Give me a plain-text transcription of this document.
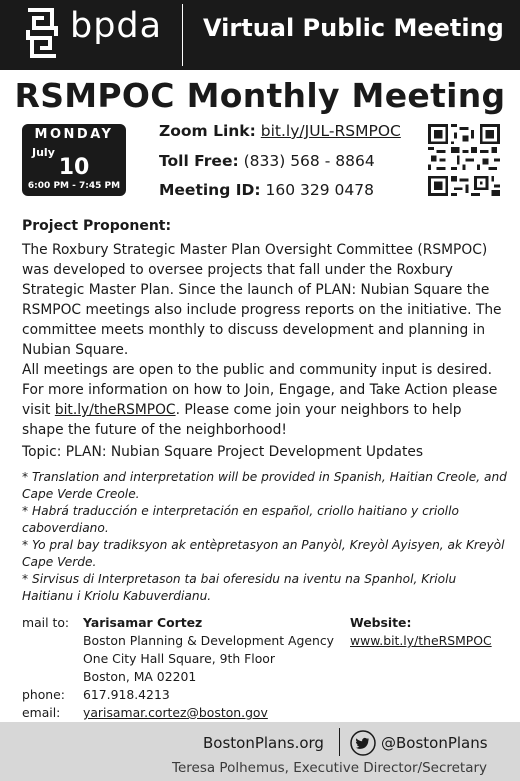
bpda Virtual Public Meeting
RSMPOC Monthly Meeting
MONDAY
July
10
6:00 PM - 7:45 PM
Zoom Link: bit.ly/JUL-RSMPOC
Toll Free: (833) 568 - 8864
Meeting ID: 160 329 0478
Project Proponent:
The Roxbury Strategic Master Plan Oversight Committee (RSMPOC) was developed to oversee projects that fall under the Roxbury Strategic Master Plan. Since the launch of PLAN: Nubian Square the RSMPOC meetings also include progress reports on the initiative. The committee meets monthly to discuss development and planning in Nubian Square.
All meetings are open to the public and community input is desired. For more information on how to Join, Engage, and Take Action please visit bit.ly/theRSMPOC. Please come join your neighbors to help shape the future of the neighborhood!
Topic: PLAN: Nubian Square Project Development Updates
* Translation and interpretation will be provided in Spanish, Haitian Creole, and Cape Verde Creole.
* Habrá traducción e interpretación en español, criollo haitiano y criollo caboverdiano.
* Yo pral bay tradiksyon ak entèpretasyon an Panyòl, Kreyòl Ayisyen, ak Kreyòl Cape Verde.
* Sirvisus di Interpretason ta bai oferesidu na iventu na Spanhol, Kriolu Haitianu i Kriolu Kabuverdianu.
mail to: Yarisamar Cortez
Boston Planning & Development Agency
One City Hall Square, 9th Floor
Boston, MA 02201
phone: 617.918.4213
email: yarisamar.cortez@boston.gov
Website:
www.bit.ly/theRSMPOC
BostonPlans.org	@BostonPlans
Teresa Polhemus, Executive Director/Secretary
